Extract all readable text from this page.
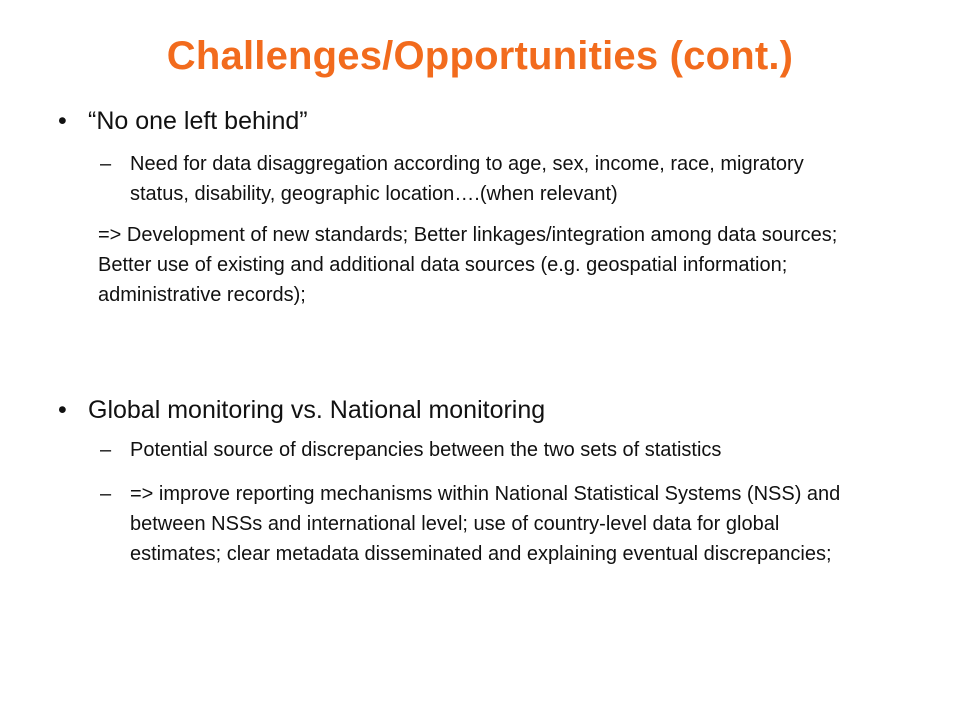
Challenges/Opportunities (cont.)
• “No one left behind”
– Need for data disaggregation according to age, sex, income, race, migratory status, disability, geographic location….(when relevant)
=> Development of new standards; Better linkages/integration among data sources; Better use of existing and additional data sources (e.g. geospatial information; administrative records);
• Global monitoring vs. National monitoring
– Potential source of discrepancies between the two sets of statistics
– => improve reporting mechanisms within National Statistical Systems (NSS) and between NSSs and international level; use of country-level data for global estimates; clear metadata disseminated and explaining eventual discrepancies;
